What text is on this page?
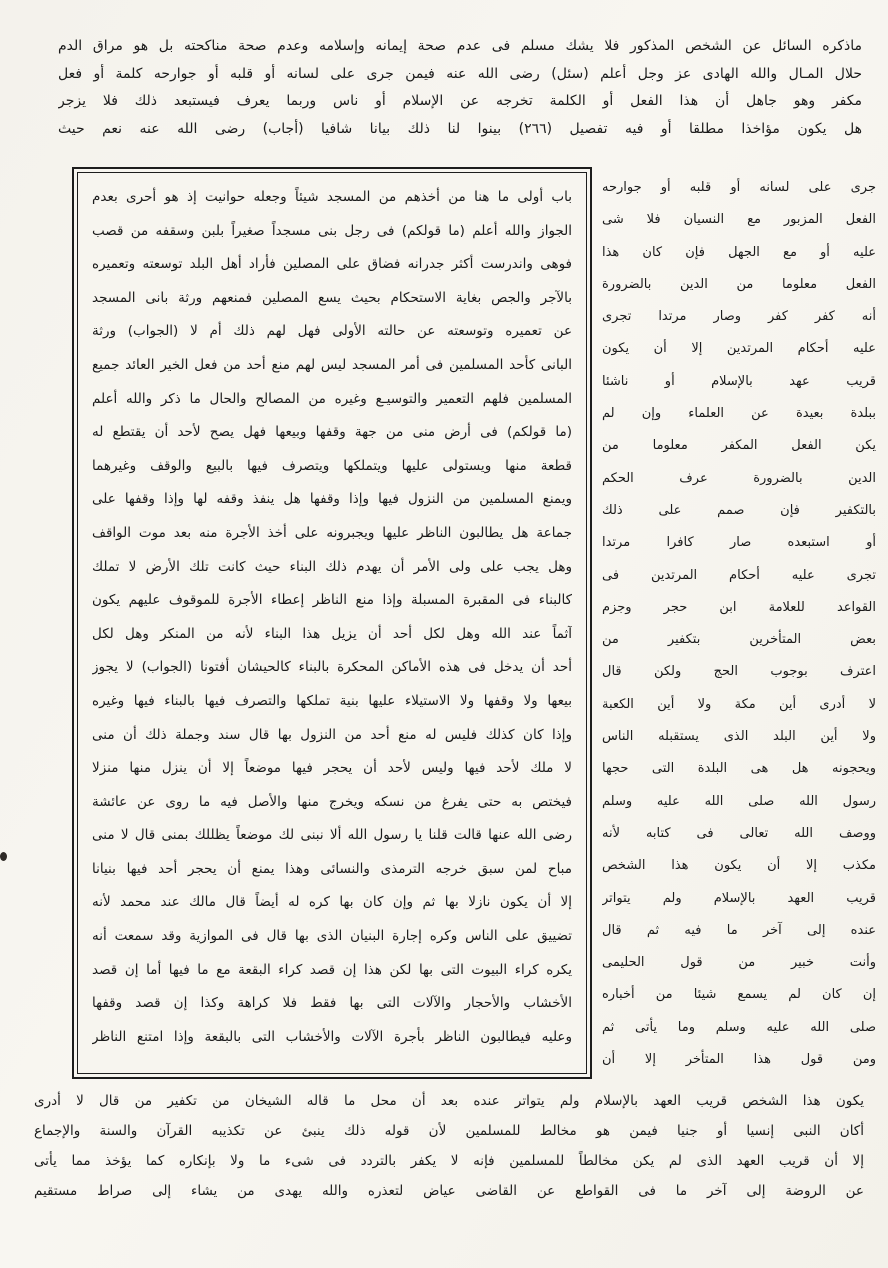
ماذكره السائل عن الشخص المذكور فلا يشك مسلم فى عدم صحة إيمانه وإسلامه وعدم صحة مناكحته بل هو مراق الدم
حلال المـال والله الهادى عز وجل أعلم (سئل) رضى الله عنه فيمن جرى على لسانه أو قلبه أو جوارحه كلمة أو فعل
مكفر وهو جاهل أن هذا الفعل أو الكلمة تخرجه عن الإسلام أو ناس وربما يعرف فيستبعد ذلك فلا يزجر
هل يكون مؤاخذا مطلقا أو فيه تفصيل (٢٦٦) بينوا لنا ذلك بيانا شافيا (أجاب) رضى الله عنه نعم حيث
باب أولى ما هنا من أخذهم من المسجد شيئاً وجعله حوانيت إذ هو أحرى بعدم
الجواز والله أعلم (ما قولكم) فى رجل بنى مسجداً صغيراً بلبن وسقفه من قصب
فوهى واندرست أكثر جدرانه فضاق على المصلين فأراد أهل البلد توسعته وتعميره
بالآجر والجص بغاية الاستحكام بحيث يسع المصلين فمنعهم ورثة بانى المسجد
عن تعميره وتوسعته عن حالته الأولى فهل لهم ذلك أم لا (الجواب) ورثة
البانى كأحد المسلمين فى أمر المسجد ليس لهم منع أحد من فعل الخير العائد جميع
المسلمين فلهم التعمير والتوسيـع وغيره من المصالح والحال ما ذكر والله أعلم
(ما قولكم) فى أرض منى من جهة وقفها وبيعها فهل يصح لأحد أن يقتطع له
قطعة منها ويستولى عليها ويتملكها ويتصرف فيها بالبيع والوقف وغيرهما
ويمنع المسلمين من النزول فيها وإذا وقفها هل ينفذ وقفه لها وإذا وقفها على
جماعة هل يطالبون الناظر عليها ويجبرونه على أخذ الأجرة منه بعد موت الواقف
وهل يجب على ولى الأمر أن يهدم ذلك البناء حيث كانت تلك الأرض لا تملك
كالبناء فى المقبرة المسبلة وإذا منع الناظر إعطاء الأجرة للموقوف عليهم يكون
آثماً عند الله وهل لكل أحد أن يزيل هذا البناء لأنه من المنكر وهل لكل
أحد أن يدخل فى هذه الأماكن المحكرة بالبناء كالحيشان أفتونا (الجواب) لا يجوز
بيعها ولا وقفها ولا الاستيلاء عليها بنية تملكها والتصرف فيها بالبناء فيها وغيره
وإذا كان كذلك فليس له منع أحد من النزول بها قال سند وجملة ذلك أن منى
لا ملك لأحد فيها وليس لأحد أن يحجر فيها موضعاً إلا أن ينزل منها منزلا
فيختص به حتى يفرغ من نسكه ويخرج منها والأصل فيه ما روى عن عائشة
رضى الله عنها قالت قلنا يا رسول الله ألا نبنى لك موضعاً يظللك بمنى قال لا منى
مباح لمن سبق خرجه الترمذى والنسائى وهذا يمنع أن يحجر أحد فيها بنيانا
إلا أن يكون نازلا بها ثم وإن كان بها كره له أيضاً قال مالك عند محمد لأنه
تضييق على الناس وكره إجارة البنيان الذى بها قال فى الموازية وقد سمعت أنه
يكره كراء البيوت التى بها لكن هذا إن قصد كراء البقعة مع ما فيها أما إن قصد
الأخشاب والأحجار والآلات التى بها فقط فلا كراهة وكذا إن قصد وقفها
وعليه فيطالبون الناظر بأجرة الآلات والأخشاب التى بالبقعة وإذا امتنع الناظر
جرى على لسانه أو قلبه أو جوارحه
الفعل المزبور مع النسيان فلا شى
عليه أو مع الجهل فإن كان هذا
الفعل معلوما من الدين بالضرورة
أنه كفر كفر وصار مرتدا تجرى
عليه أحكام المرتدين إلا أن يكون
قريب عهد بالإسلام أو ناشئا
ببلدة بعيدة عن العلماء وإن لم
يكن الفعل المكفر معلوما من
الدين بالضرورة عرف الحكم
بالتكفير فإن صمم على ذلك
أو استبعده صار كافرا مرتدا
تجرى عليه أحكام المرتدين فى
القواعد للعلامة ابن حجر وجزم
بعض المتأخرين بتكفير من
اعترف بوجوب الحج ولكن قال
لا أدرى أين مكة ولا أين الكعبة
ولا أين البلد الذى يستقبله الناس
ويحجونه هل هى البلدة التى حجها
رسول الله صلى الله عليه وسلم
ووصف الله تعالى فى كتابه لأنه
مكذب إلا أن يكون هذا الشخص
قريب العهد بالإسلام ولم يتواتر
عنده إلى آخر ما فيه ثم قال
وأنت خبير من قول الحليمى
إن كان لم يسمع شيئا من أخباره
صلى الله عليه وسلم وما يأتى ثم
ومن قول هذا المتأخر إلا أن
يكون هذا الشخص قريب العهد بالإسلام ولم يتواتر عنده بعد أن محل ما قاله الشيخان من تكفير من قال لا أدرى
أكان النبى إنسيا أو جنيا فيمن هو مخالط للمسلمين لأن قوله ذلك ينبئ عن تكذيبه القرآن والسنة والإجماع
إلا أن قريب العهد الذى لم يكن مخالطاً للمسلمين فإنه لا يكفر بالتردد فى شىء ما ولا بإنكاره كما يؤخذ مما يأتى
عن الروضة إلى آخر ما فى القواطع عن القاضى عياض لتعذره والله يهدى من يشاء إلى صراط مستقيم
